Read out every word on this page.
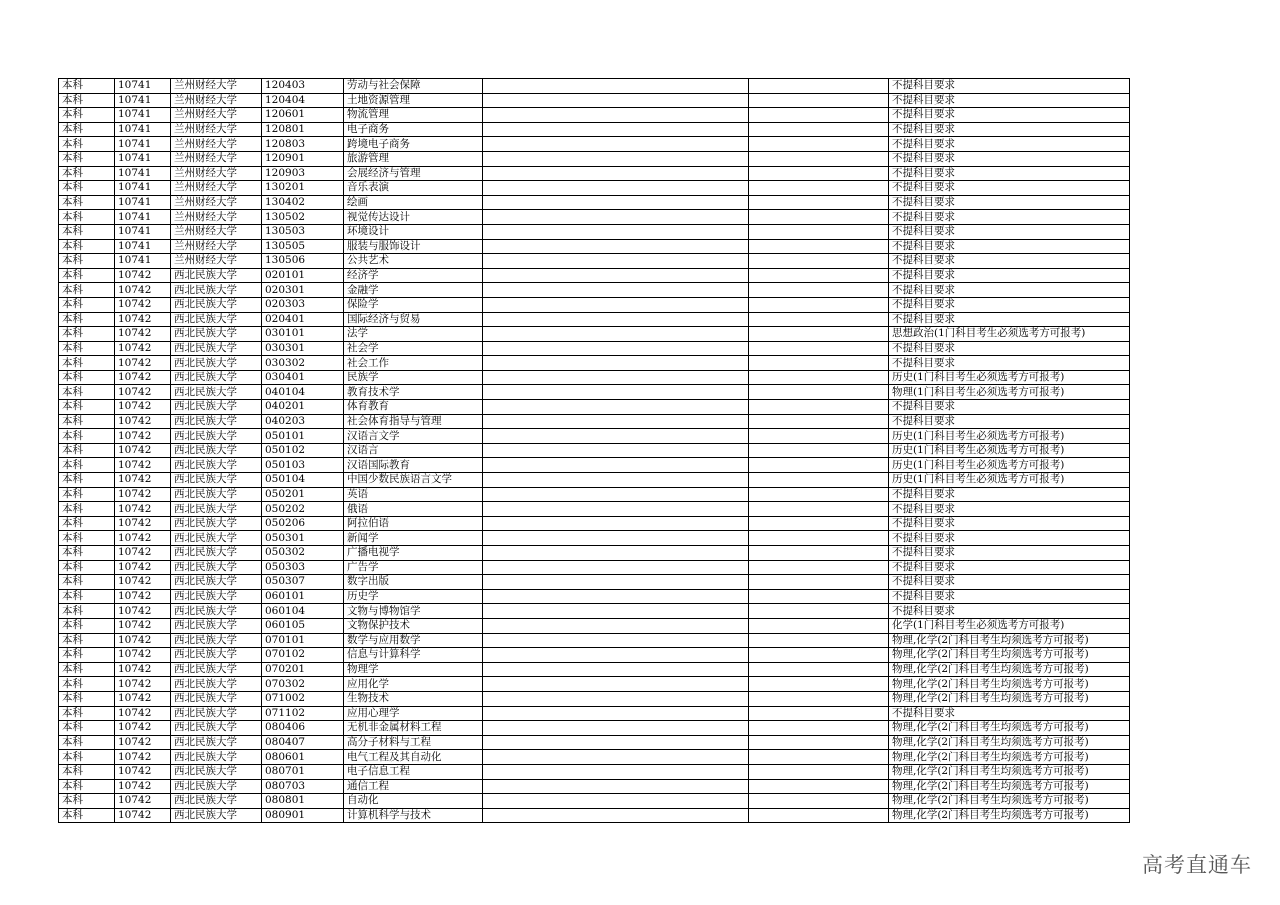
本科	10741	兰州财经大学	120403	劳动与社会保障			不提科目要求
本科	10741	兰州财经大学	120404	土地资源管理			不提科目要求
本科	10741	兰州财经大学	120601	物流管理			不提科目要求
本科	10741	兰州财经大学	120801	电子商务			不提科目要求
本科	10741	兰州财经大学	120803	跨境电子商务			不提科目要求
本科	10741	兰州财经大学	120901	旅游管理			不提科目要求
本科	10741	兰州财经大学	120903	会展经济与管理			不提科目要求
本科	10741	兰州财经大学	130201	音乐表演			不提科目要求
本科	10741	兰州财经大学	130402	绘画			不提科目要求
本科	10741	兰州财经大学	130502	视觉传达设计			不提科目要求
本科	10741	兰州财经大学	130503	环境设计			不提科目要求
本科	10741	兰州财经大学	130505	服装与服饰设计			不提科目要求
本科	10741	兰州财经大学	130506	公共艺术			不提科目要求
本科	10742	西北民族大学	020101	经济学			不提科目要求
本科	10742	西北民族大学	020301	金融学			不提科目要求
本科	10742	西北民族大学	020303	保险学			不提科目要求
本科	10742	西北民族大学	020401	国际经济与贸易			不提科目要求
本科	10742	西北民族大学	030101	法学			思想政治(1门科目考生必须选考方可报考)
本科	10742	西北民族大学	030301	社会学			不提科目要求
本科	10742	西北民族大学	030302	社会工作			不提科目要求
本科	10742	西北民族大学	030401	民族学			历史(1门科目考生必须选考方可报考)
本科	10742	西北民族大学	040104	教育技术学			物理(1门科目考生必须选考方可报考)
本科	10742	西北民族大学	040201	体育教育			不提科目要求
本科	10742	西北民族大学	040203	社会体育指导与管理			不提科目要求
本科	10742	西北民族大学	050101	汉语言文学			历史(1门科目考生必须选考方可报考)
本科	10742	西北民族大学	050102	汉语言			历史(1门科目考生必须选考方可报考)
本科	10742	西北民族大学	050103	汉语国际教育			历史(1门科目考生必须选考方可报考)
本科	10742	西北民族大学	050104	中国少数民族语言文学			历史(1门科目考生必须选考方可报考)
本科	10742	西北民族大学	050201	英语			不提科目要求
本科	10742	西北民族大学	050202	俄语			不提科目要求
本科	10742	西北民族大学	050206	阿拉伯语			不提科目要求
本科	10742	西北民族大学	050301	新闻学			不提科目要求
本科	10742	西北民族大学	050302	广播电视学			不提科目要求
本科	10742	西北民族大学	050303	广告学			不提科目要求
本科	10742	西北民族大学	050307	数字出版			不提科目要求
本科	10742	西北民族大学	060101	历史学			不提科目要求
本科	10742	西北民族大学	060104	文物与博物馆学			不提科目要求
本科	10742	西北民族大学	060105	文物保护技术			化学(1门科目考生必须选考方可报考)
本科	10742	西北民族大学	070101	数学与应用数学			物理,化学(2门科目考生均须选考方可报考)
本科	10742	西北民族大学	070102	信息与计算科学			物理,化学(2门科目考生均须选考方可报考)
本科	10742	西北民族大学	070201	物理学			物理,化学(2门科目考生均须选考方可报考)
本科	10742	西北民族大学	070302	应用化学			物理,化学(2门科目考生均须选考方可报考)
本科	10742	西北民族大学	071002	生物技术			物理,化学(2门科目考生均须选考方可报考)
本科	10742	西北民族大学	071102	应用心理学			不提科目要求
本科	10742	西北民族大学	080406	无机非金属材料工程			物理,化学(2门科目考生均须选考方可报考)
本科	10742	西北民族大学	080407	高分子材料与工程			物理,化学(2门科目考生均须选考方可报考)
本科	10742	西北民族大学	080601	电气工程及其自动化			物理,化学(2门科目考生均须选考方可报考)
本科	10742	西北民族大学	080701	电子信息工程			物理,化学(2门科目考生均须选考方可报考)
本科	10742	西北民族大学	080703	通信工程			物理,化学(2门科目考生均须选考方可报考)
本科	10742	西北民族大学	080801	自动化			物理,化学(2门科目考生均须选考方可报考)
本科	10742	西北民族大学	080901	计算机科学与技术			物理,化学(2门科目考生均须选考方可报考)
高考直通车
